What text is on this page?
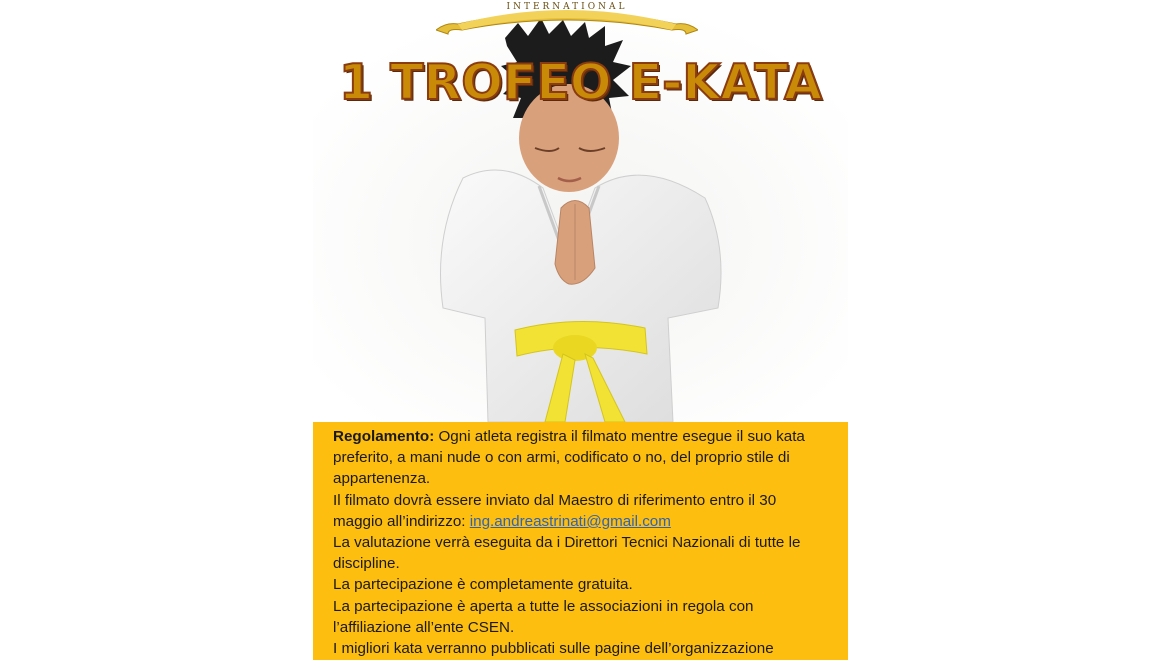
INTERNATIONAL
1 TROFEO E-KATA

Regolamento: Ogni atleta registra il filmato mentre esegue il suo kata preferito, a mani nude o con armi, codificato o no, del proprio stile di appartenenza.

Il filmato dovrà essere inviato dal Maestro di riferimento entro il 30 maggio all’indirizzo: ing.andreastrinati@gmail.com

La valutazione verrà eseguita da i Direttori Tecnici Nazionali di tutte le discipline.

La partecipazione è completamente gratuita.

La partecipazione è aperta a tutte le associazioni in regola con l’affiliazione all’ente CSEN.

I migliori kata verranno pubblicati sulle pagine dell’organizzazione
